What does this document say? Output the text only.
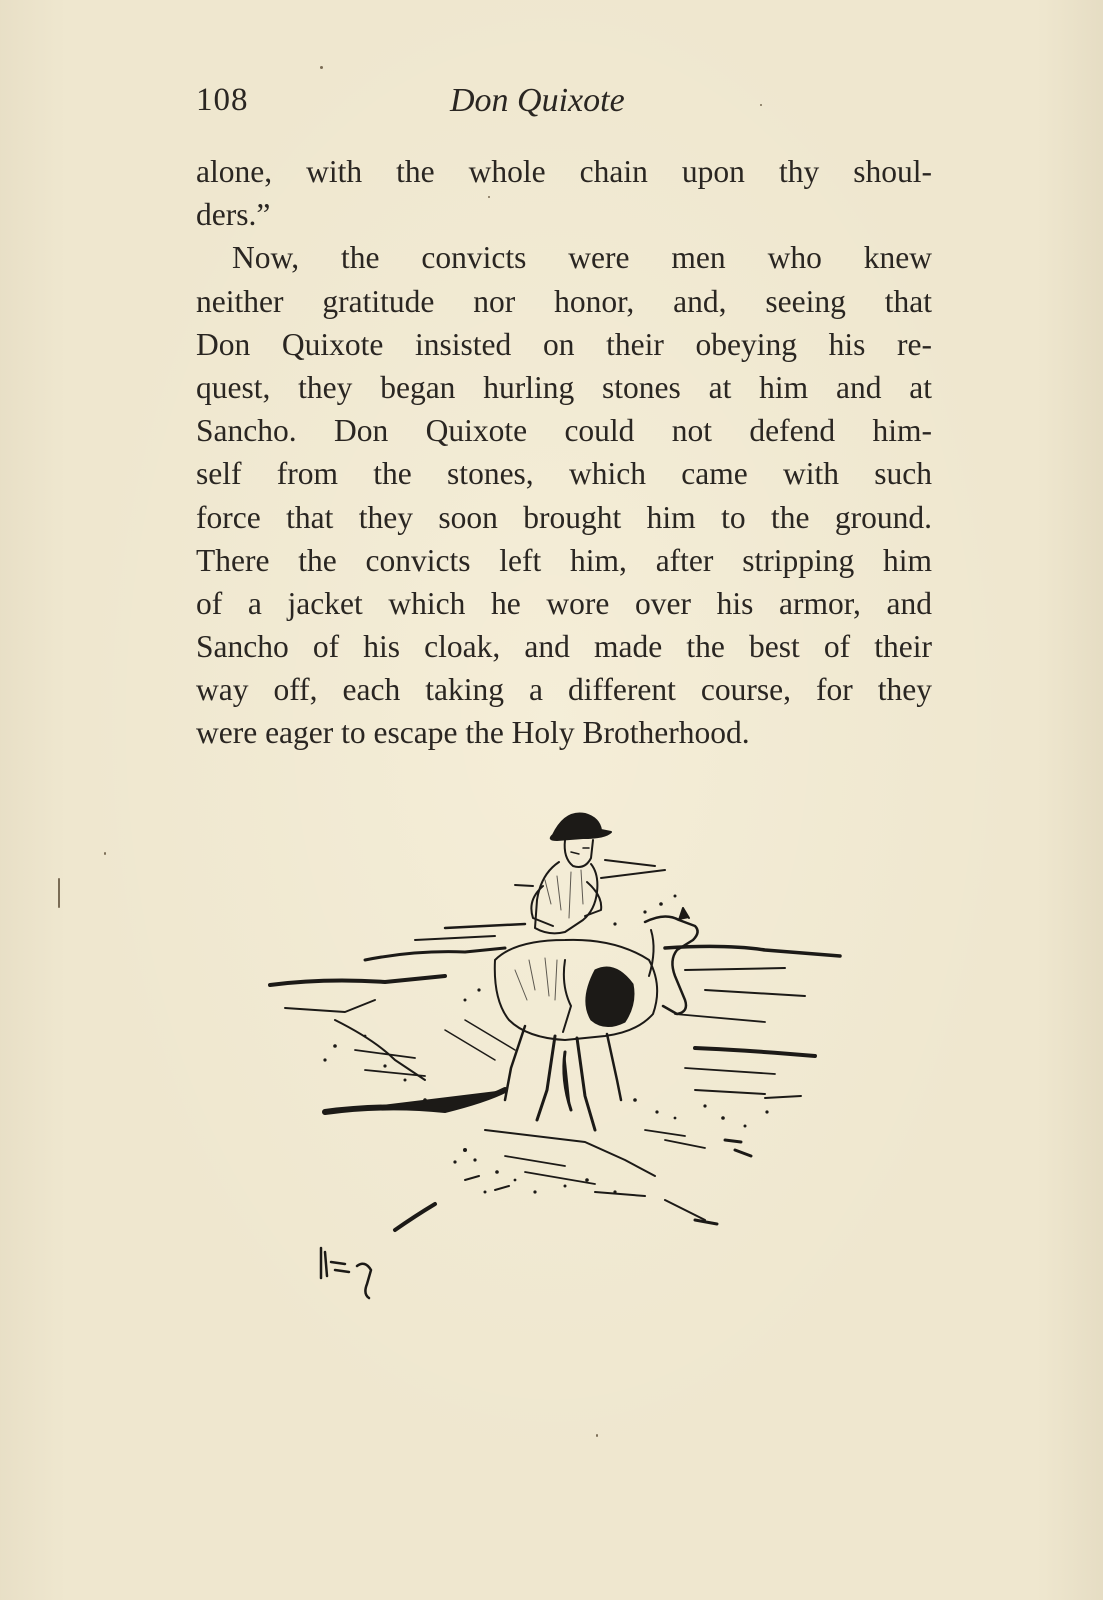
108	Don Quixote
alone, with the whole chain upon thy shoul-
ders.”
Now, the convicts were men who knew
neither gratitude nor honor, and, seeing that
Don Quixote insisted on their obeying his re-
quest, they began hurling stones at him and at
Sancho. Don Quixote could not defend him-
self from the stones, which came with such
force that they soon brought him to the ground.
There the convicts left him, after stripping him
of a jacket which he wore over his armor, and
Sancho of his cloak, and made the best of their
way off, each taking a different course, for they
were eager to escape the Holy Brotherhood.
